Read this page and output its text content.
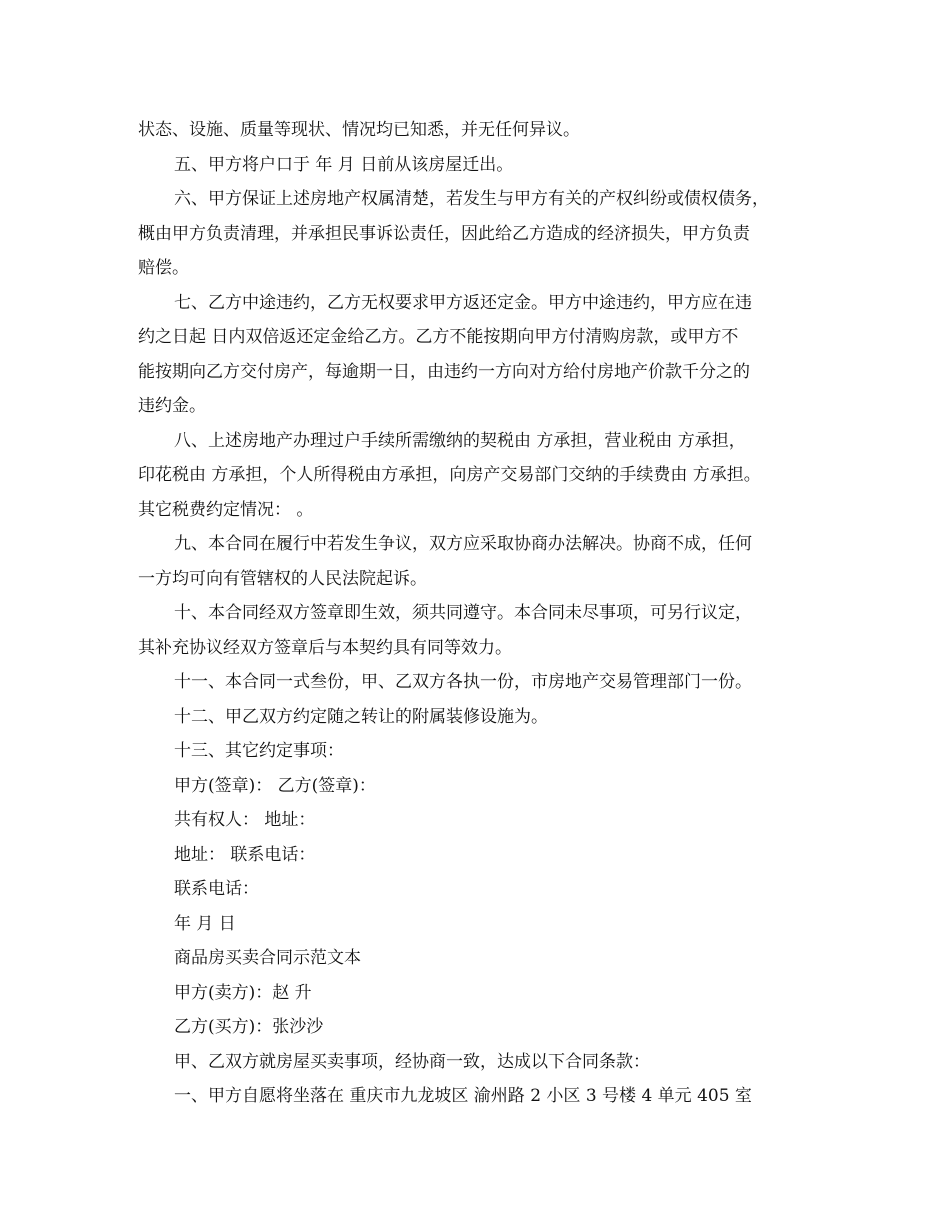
状态、设施、质量等现状、情况均已知悉，并无任何异议。
五、甲方将户口于 年 月 日前从该房屋迁出。
六、甲方保证上述房地产权属清楚，若发生与甲方有关的产权纠纷或债权债务，
概由甲方负责清理，并承担民事诉讼责任，因此给乙方造成的经济损失，甲方负责
赔偿。
七、乙方中途违约，乙方无权要求甲方返还定金。甲方中途违约，甲方应在违
约之日起 日内双倍返还定金给乙方。乙方不能按期向甲方付清购房款，或甲方不
能按期向乙方交付房产，每逾期一日，由违约一方向对方给付房地产价款千分之的
违约金。
八、上述房地产办理过户手续所需缴纳的契税由 方承担，营业税由 方承担，
印花税由 方承担，个人所得税由方承担，向房产交易部门交纳的手续费由 方承担。
其它税费约定情况： 。
九、本合同在履行中若发生争议，双方应采取协商办法解决。协商不成，任何
一方均可向有管辖权的人民法院起诉。
十、本合同经双方签章即生效，须共同遵守。本合同未尽事项，可另行议定，
其补充协议经双方签章后与本契约具有同等效力。
十一、本合同一式叁份，甲、乙双方各执一份，市房地产交易管理部门一份。
十二、甲乙双方约定随之转让的附属装修设施为。
十三、其它约定事项：
甲方(签章)： 乙方(签章)：
共有权人： 地址：
地址： 联系电话：
联系电话：
年 月 日
商品房买卖合同示范文本
甲方(卖方)：赵 升
乙方(买方)：张沙沙
甲、乙双方就房屋买卖事项，经协商一致，达成以下合同条款：
一、甲方自愿将坐落在 重庆市九龙坡区 渝州路 2 小区 3 号楼 4 单元 405 室
